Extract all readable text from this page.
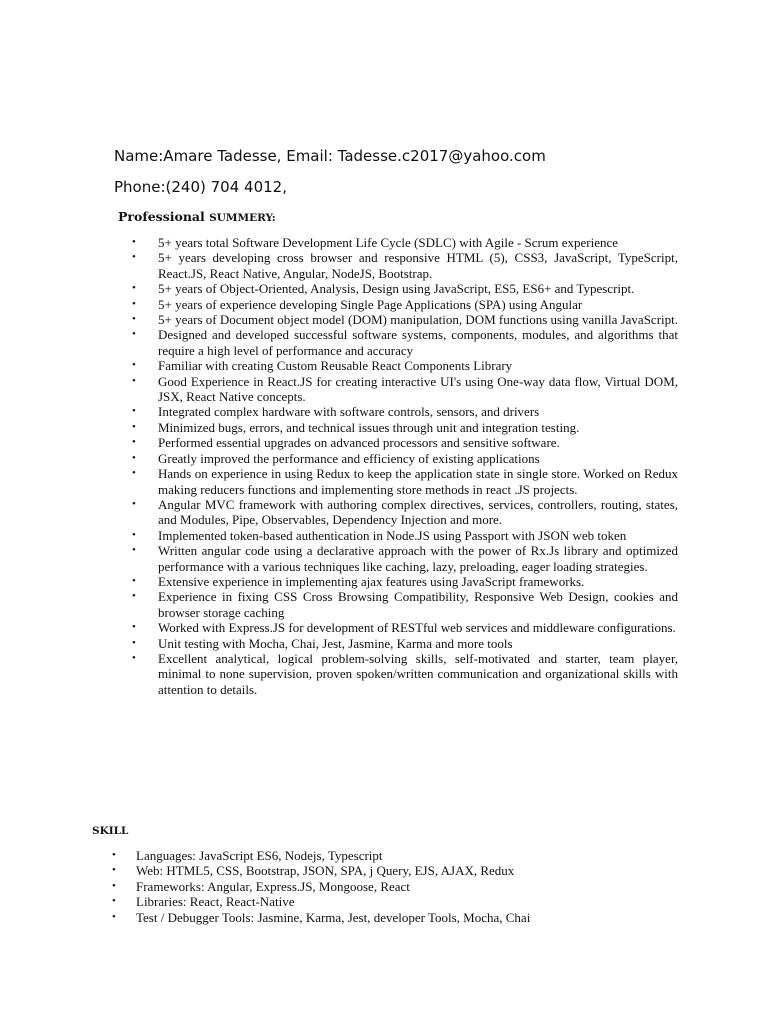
Name:Amare Tadesse, Email: Tadesse.c2017@yahoo.com
Phone:(240) 704 4012,
Professional SUMMERY:
• 5+ years total Software Development Life Cycle (SDLC) with Agile - Scrum experience
• 5+ years developing cross browser and responsive HTML (5), CSS3, JavaScript, TypeScript, React.JS, React Native, Angular, NodeJS, Bootstrap.
• 5+ years of Object-Oriented, Analysis, Design using JavaScript, ES5, ES6+ and Typescript.
• 5+ years of experience developing Single Page Applications (SPA) using Angular
• 5+ years of Document object model (DOM) manipulation, DOM functions using vanilla JavaScript.
• Designed and developed successful software systems, components, modules, and algorithms that require a high level of performance and accuracy
• Familiar with creating Custom Reusable React Components Library
• Good Experience in React.JS for creating interactive UI's using One-way data flow, Virtual DOM, JSX, React Native concepts.
• Integrated complex hardware with software controls, sensors, and drivers
• Minimized bugs, errors, and technical issues through unit and integration testing.
• Performed essential upgrades on advanced processors and sensitive software.
• Greatly improved the performance and efficiency of existing applications
• Hands on experience in using Redux to keep the application state in single store. Worked on Redux making reducers functions and implementing store methods in react .JS projects.
• Angular MVC framework with authoring complex directives, services, controllers, routing, states, and Modules, Pipe, Observables, Dependency Injection and more.
• Implemented token-based authentication in Node.JS using Passport with JSON web token
• Written angular code using a declarative approach with the power of Rx.Js library and optimized performance with a various techniques like caching, lazy, preloading, eager loading strategies.
• Extensive experience in implementing ajax features using JavaScript frameworks.
• Experience in fixing CSS Cross Browsing Compatibility, Responsive Web Design, cookies and browser storage caching
• Worked with Express.JS for development of RESTful web services and middleware configurations.
• Unit testing with Mocha, Chai, Jest, Jasmine, Karma and more tools
• Excellent analytical, logical problem-solving skills, self-motivated and starter, team player, minimal to none supervision, proven spoken/written communication and organizational skills with attention to details.
SKILL
• Languages: JavaScript ES6, Nodejs, Typescript
• Web: HTML5, CSS, Bootstrap, JSON, SPA, j Query, EJS, AJAX, Redux
• Frameworks: Angular, Express.JS, Mongoose, React
• Libraries: React, React-Native
• Test / Debugger Tools: Jasmine, Karma, Jest, developer Tools, Mocha, Chai
